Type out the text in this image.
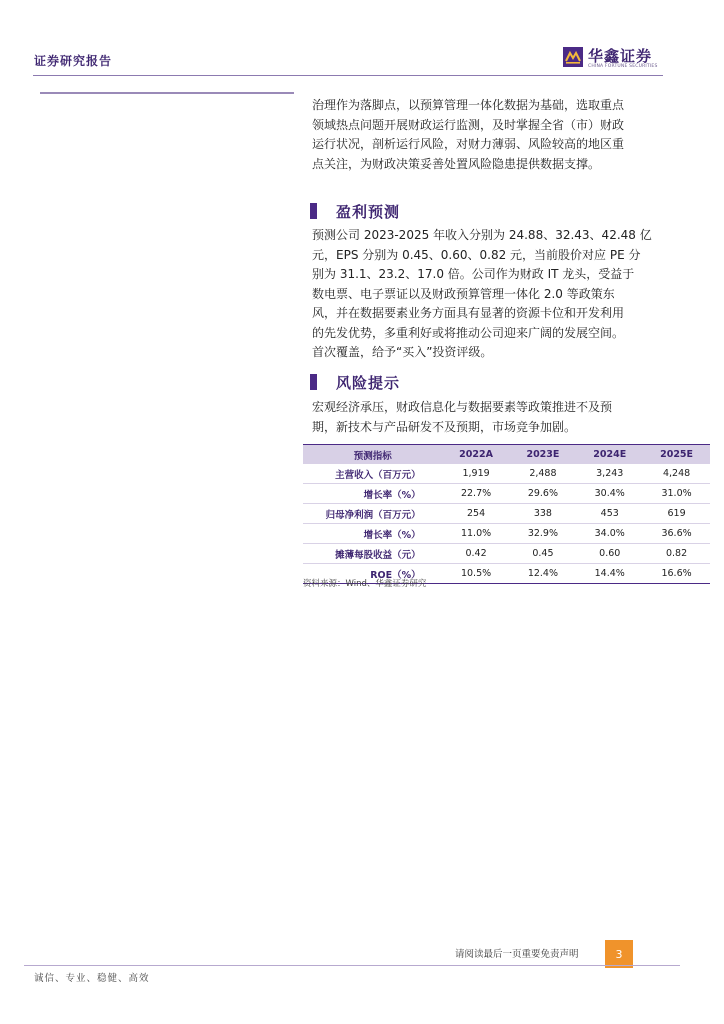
证券研究报告	华鑫证券
CHINA FORTUNE SECURITIES

治理作为落脚点，以预算管理一体化数据为基础，选取重点

领域热点问题开展财政运行监测，及时掌握全省（市）财政

运行状况，剖析运行风险，对财力薄弱、风险较高的地区重

点关注，为财政决策妥善处置风险隐患提供数据支撑。

盈利预测

预测公司 2023-2025 年收入分别为 24.88、32.43、42.48 亿

元，EPS 分别为 0.45、0.60、0.82 元，当前股价对应 PE 分

别为 31.1、23.2、17.0 倍。公司作为财政 IT 龙头，受益于

数电票、电子票证以及财政预算管理一体化 2.0 等政策东

风，并在数据要素业务方面具有显著的资源卡位和开发利用

的先发优势，多重利好或将推动公司迎来广阔的发展空间。

首次覆盖，给予“买入”投资评级。

风险提示

宏观经济承压，财政信息化与数据要素等政策推进不及预

期，新技术与产品研发不及预期，市场竞争加剧。

预测指标	2022A	2023E	2024E	2025E
主营收入（百万元）	1,919	2,488	3,243	4,248
增长率（%）	22.7%	29.6%	30.4%	31.0%
归母净利润（百万元）	254	338	453	619
增长率（%）	11.0%	32.9%	34.0%	36.6%
摊薄每股收益（元）	0.42	0.45	0.60	0.82
ROE（%）	10.5%	12.4%	14.4%	16.6%
资料来源：Wind、华鑫证券研究
请阅读最后一页重要免责声明	3
诚信、专业、稳健、高效
